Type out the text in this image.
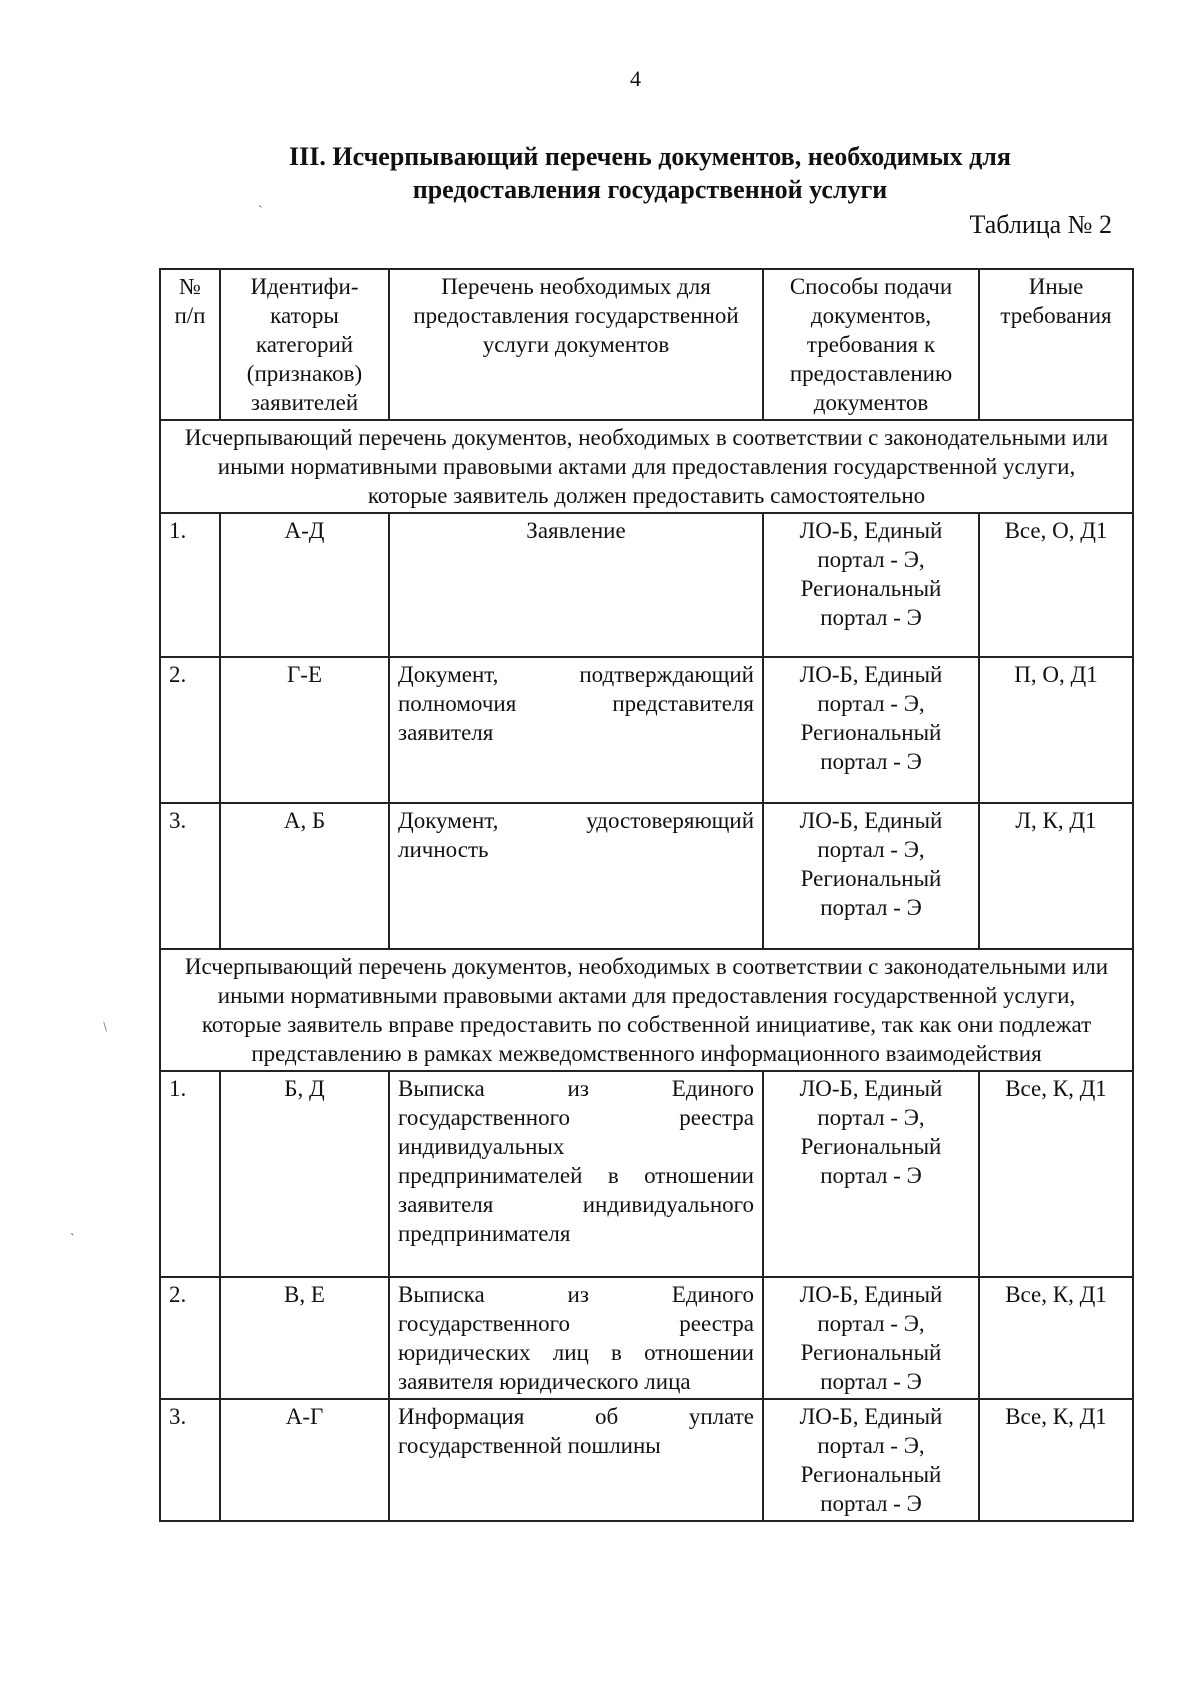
4
III. Исчерпывающий перечень документов, необходимых для
предоставления государственной услуги
Таблица № 2
`
/
`
№ п/п	Идентифи-каторы категорий (признаков) заявителей	Перечень необходимых для предоставления государственной услуги документов	Способы подачи документов, требования к предоставлению документов	Иные требования
Исчерпывающий перечень документов, необходимых в соответствии с законодательными или иными нормативными правовыми актами для предоставления государственной услуги, которые заявитель должен предоставить самостоятельно				
1.	А-Д	Заявление	ЛО-Б, Единый портал - Э, Региональный портал - Э	Все, О, Д1
2.	Г-Е	Документ, подтверждающий полномочия представителя заявителя	ЛО-Б, Единый портал - Э, Региональный портал - Э	П, О, Д1
3.	А, Б	Документ, удостоверяющий личность	ЛО-Б, Единый портал - Э, Региональный портал - Э	Л, К, Д1
Исчерпывающий перечень документов, необходимых в соответствии с законодательными или иными нормативными правовыми актами для предоставления государственной услуги, которые заявитель вправе предоставить по собственной инициативе, так как они подлежат представлению в рамках межведомственного информационного взаимодействия				
1.	Б, Д	Выписка из Единого государственного реестра индивидуальных предпринимателей в отношении заявителя индивидуального предпринимателя	ЛО-Б, Единый портал - Э, Региональный портал - Э	Все, К, Д1
2.	В, Е	Выписка из Единого государственного реестра юридических лиц в отношении заявителя юридического лица	ЛО-Б, Единый портал - Э, Региональный портал - Э	Все, К, Д1
3.	А-Г	Информация об уплате государственной пошлины	ЛО-Б, Единый портал - Э, Региональный портал - Э	Все, К, Д1
